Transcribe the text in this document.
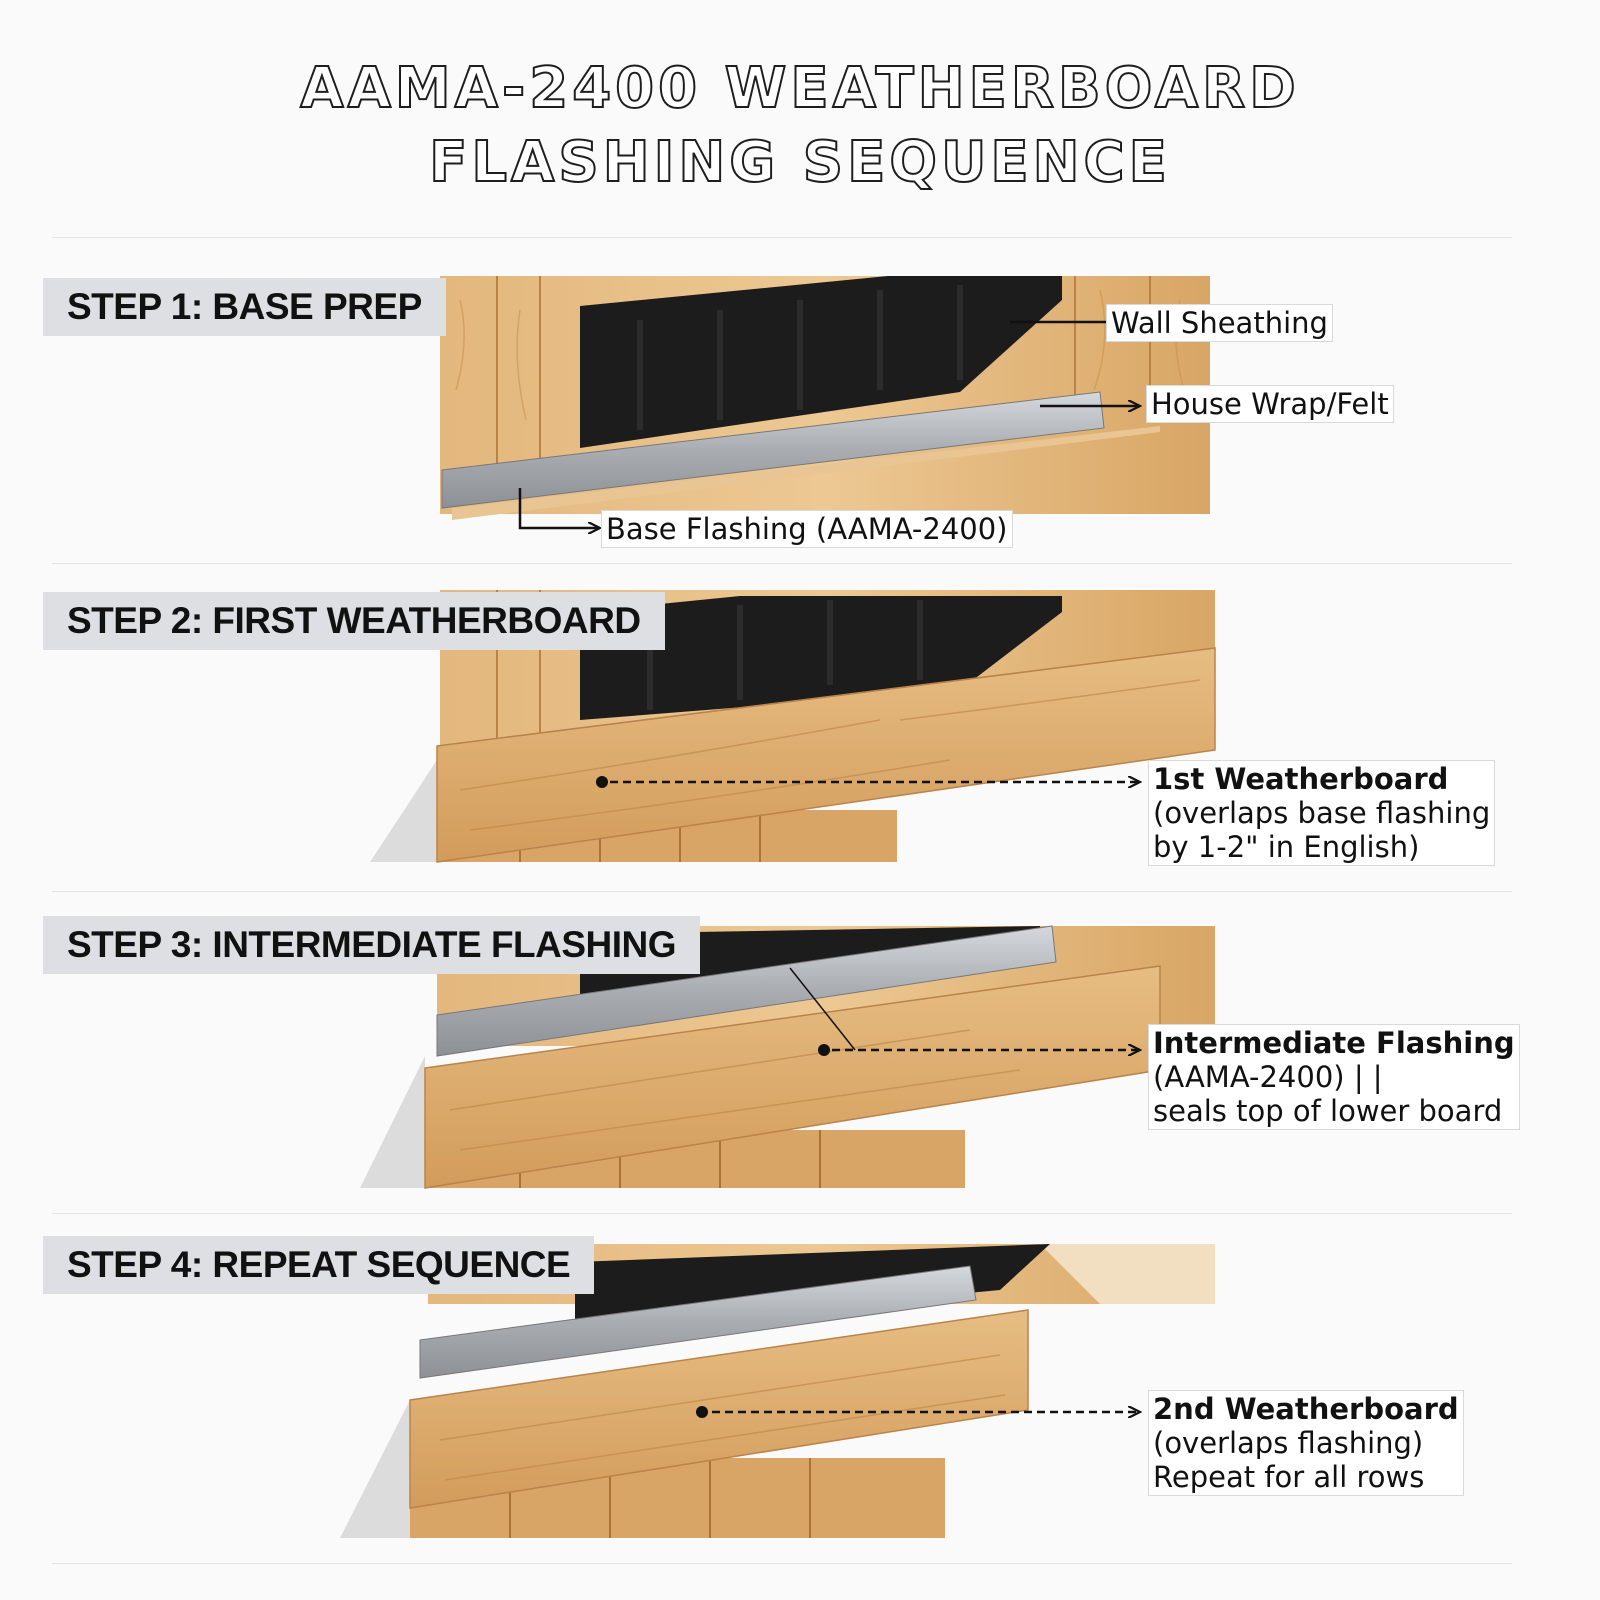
AAMA-2400 WEATHERBOARD
FLASHING SEQUENCE
STEP 1: BASE PREP	Wall Sheathing
House Wrap/Felt
Base Flashing (AAMA-2400)
STEP 2: FIRST WEATHERBOARD
1st Weatherboard
(overlaps base flashing
by 1-2" in English)
STEP 3: INTERMEDIATE FLASHING
Intermediate Flashing
(AAMA-2400) | |
seals top of lower board
STEP 4: REPEAT SEQUENCE
2nd Weatherboard
(overlaps flashing)
Repeat for all rows
